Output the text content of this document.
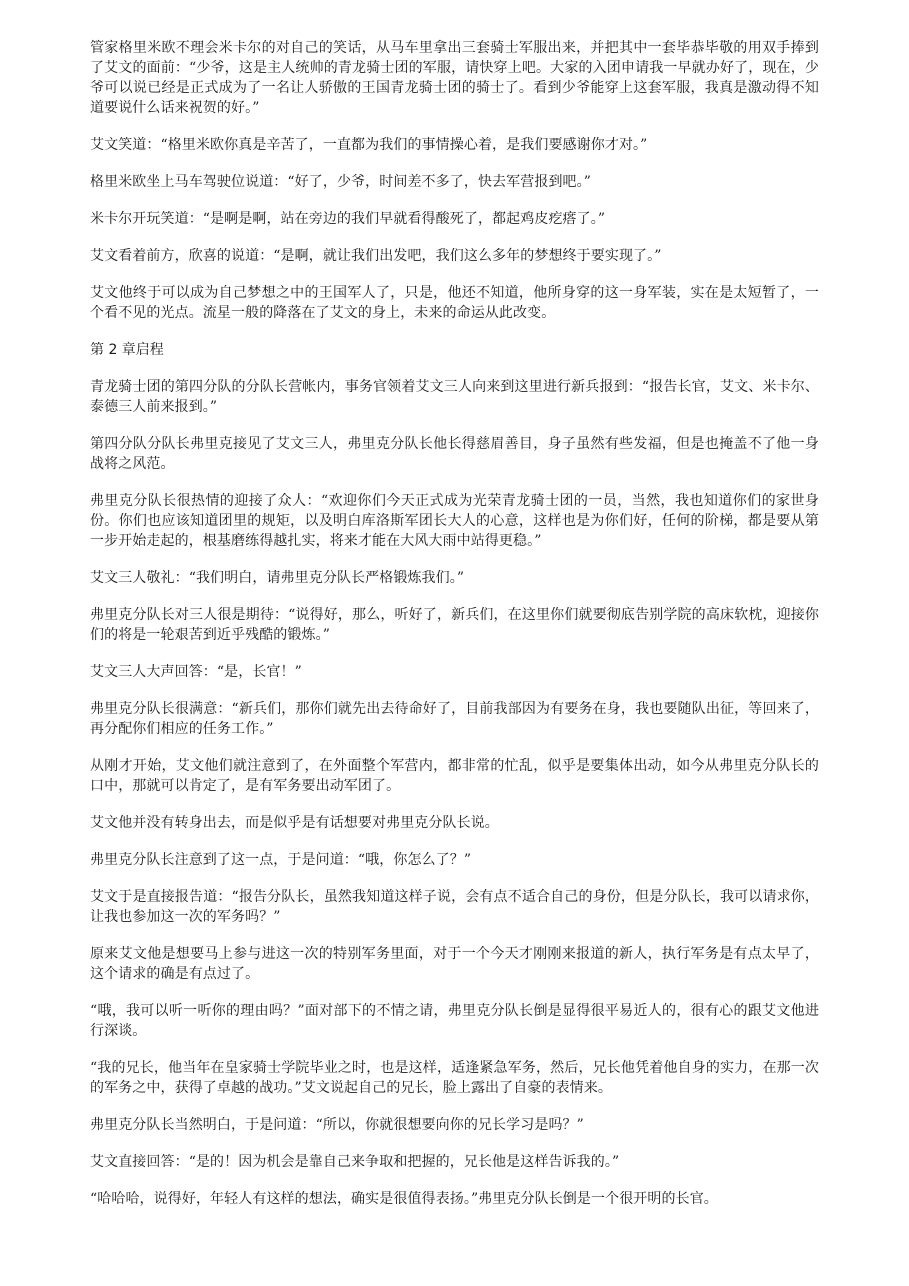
管家格里米欧不理会米卡尔的对自己的笑话，从马车里拿出三套骑士军服出来，并把其中一套毕恭毕敬的用双手捧到了艾文的面前：“少爷，这是主人统帅的青龙骑士团的军服，请快穿上吧。大家的入团申请我一早就办好了，现在，少爷可以说已经是正式成为了一名让人骄傲的王国青龙骑士团的骑士了。看到少爷能穿上这套军服，我真是激动得不知道要说什么话来祝贺的好。”

艾文笑道：“格里米欧你真是辛苦了，一直都为我们的事情操心着，是我们要感谢你才对。”

格里米欧坐上马车驾驶位说道：“好了，少爷，时间差不多了，快去军营报到吧。”

米卡尔开玩笑道：“是啊是啊，站在旁边的我们早就看得酸死了，都起鸡皮疙瘩了。”

艾文看着前方，欣喜的说道：“是啊，就让我们出发吧，我们这么多年的梦想终于要实现了。”

艾文他终于可以成为自己梦想之中的王国军人了，只是，他还不知道，他所身穿的这一身军装，实在是太短暂了，一个看不见的光点。流星一般的降落在了艾文的身上，未来的命运从此改变。

第 2 章启程

青龙骑士团的第四分队的分队长营帐内，事务官领着艾文三人向来到这里进行新兵报到：“报告长官，艾文、米卡尔、泰德三人前来报到。”

第四分队分队长弗里克接见了艾文三人，弗里克分队长他长得慈眉善目，身子虽然有些发福，但是也掩盖不了他一身战将之风范。

弗里克分队长很热情的迎接了众人：“欢迎你们今天正式成为光荣青龙骑士团的一员，当然，我也知道你们的家世身份。你们也应该知道团里的规矩，以及明白库洛斯军团长大人的心意，这样也是为你们好，任何的阶梯，都是要从第一步开始走起的，根基磨练得越扎实，将来才能在大风大雨中站得更稳。”

艾文三人敬礼：“我们明白，请弗里克分队长严格锻炼我们。”

弗里克分队长对三人很是期待：“说得好，那么，听好了，新兵们，在这里你们就要彻底告别学院的高床软枕，迎接你们的将是一轮艰苦到近乎残酷的锻炼。”

艾文三人大声回答：“是，长官！”

弗里克分队长很满意：“新兵们，那你们就先出去待命好了，目前我部因为有要务在身，我也要随队出征，等回来了，再分配你们相应的任务工作。”

从刚才开始，艾文他们就注意到了，在外面整个军营内，都非常的忙乱，似乎是要集体出动，如今从弗里克分队长的口中，那就可以肯定了，是有军务要出动军团了。

艾文他并没有转身出去，而是似乎是有话想要对弗里克分队长说。

弗里克分队长注意到了这一点，于是问道：“哦，你怎么了？”

艾文于是直接报告道：“报告分队长，虽然我知道这样子说，会有点不适合自己的身份，但是分队长，我可以请求你，让我也参加这一次的军务吗？”

原来艾文他是想要马上参与进这一次的特别军务里面，对于一个今天才刚刚来报道的新人，执行军务是有点太早了，这个请求的确是有点过了。

“哦，我可以听一听你的理由吗？”面对部下的不情之请，弗里克分队长倒是显得很平易近人的，很有心的跟艾文他进行深谈。

“我的兄长，他当年在皇家骑士学院毕业之时，也是这样，适逢紧急军务，然后，兄长他凭着他自身的实力，在那一次的军务之中，获得了卓越的战功。”艾文说起自己的兄长，脸上露出了自豪的表情来。

弗里克分队长当然明白，于是问道：“所以，你就很想要向你的兄长学习是吗？”

艾文直接回答：“是的！因为机会是靠自己来争取和把握的，兄长他是这样告诉我的。”

“哈哈哈，说得好，年轻人有这样的想法，确实是很值得表扬。”弗里克分队长倒是一个很开明的长官。
